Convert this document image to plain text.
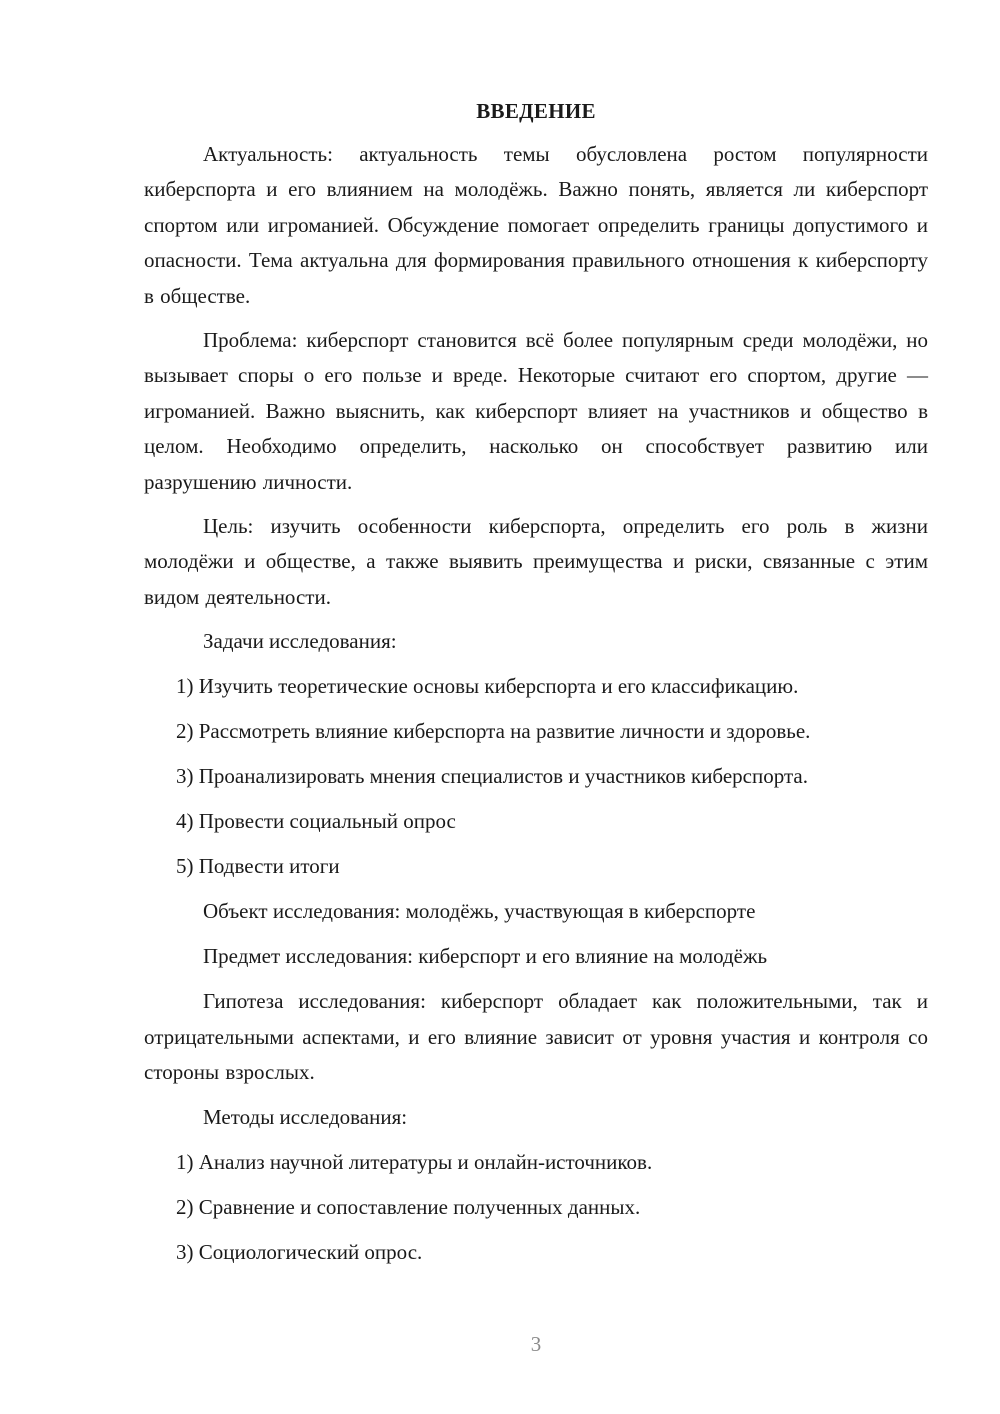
ВВЕДЕНИЕ

Актуальность: актуальность темы обусловлена ростом популярности киберспорта и его влиянием на молодёжь. Важно понять, является ли киберспорт спортом или игроманией. Обсуждение помогает определить границы допустимого и опасности. Тема актуальна для формирования правильного отношения к киберспорту в обществе.

Проблема: киберспорт становится всё более популярным среди молодёжи, но вызывает споры о его пользе и вреде. Некоторые считают его спортом, другие — игроманией. Важно выяснить, как киберспорт влияет на участников и общество в целом. Необходимо определить, насколько он способствует развитию или разрушению личности.

Цель: изучить особенности киберспорта, определить его роль в жизни молодёжи и обществе, а также выявить преимущества и риски, связанные с этим видом деятельности.

Задачи исследования:
1) Изучить теоретические основы киберспорта и его классификацию.
2) Рассмотреть влияние киберспорта на развитие личности и здоровье.
3) Проанализировать мнения специалистов и участников киберспорта.
4) Провести социальный опрос
5) Подвести итоги
Объект исследования: молодёжь, участвующая в киберспорте
Предмет исследования: киберспорт и его влияние на молодёжь

Гипотеза исследования: киберспорт обладает как положительными, так и отрицательными аспектами, и его влияние зависит от уровня участия и контроля со стороны взрослых.

Методы исследования:
1) Анализ научной литературы и онлайн-источников.
2) Сравнение и сопоставление полученных данных.
3) Социологический опрос.
3
